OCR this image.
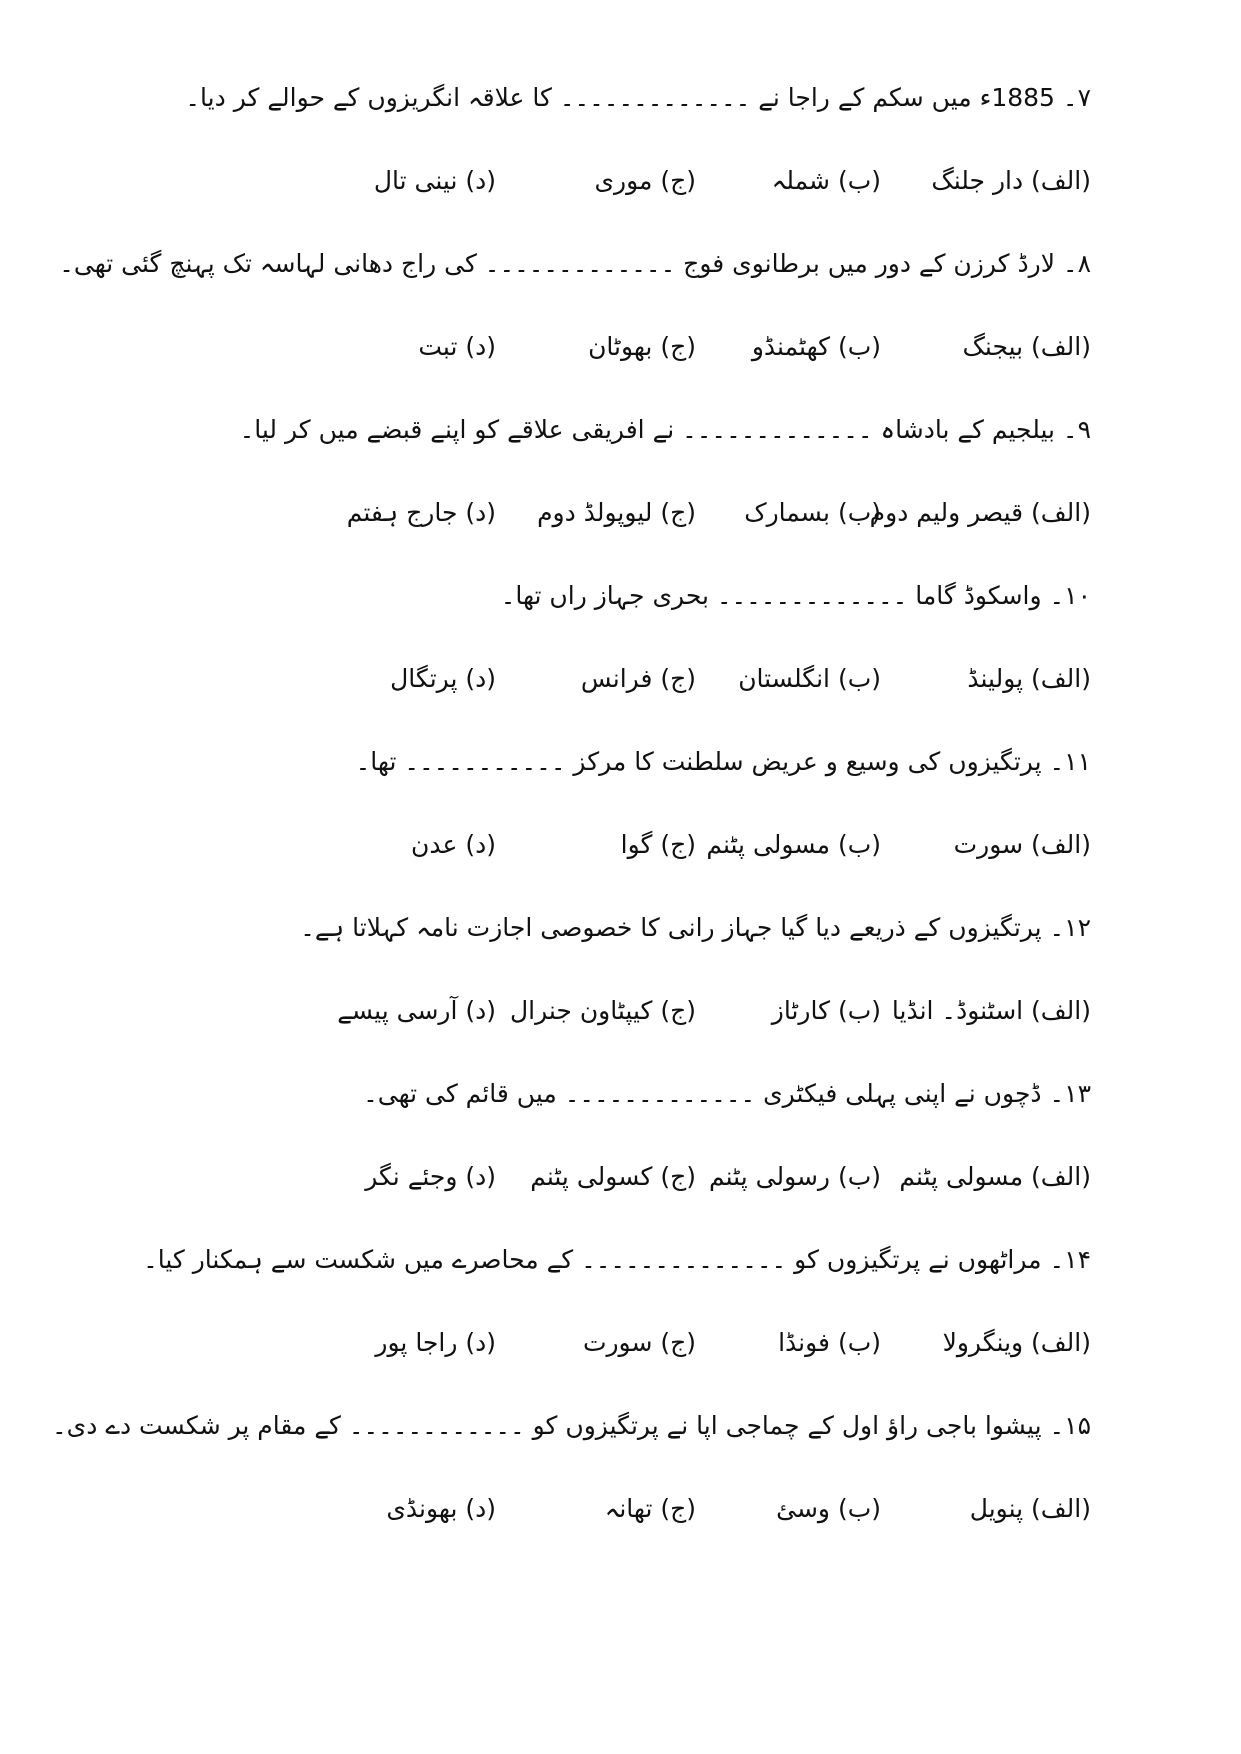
۷۔ 1885ء میں سکم کے راجا نے ۔۔۔۔۔۔۔۔۔۔۔۔۔ کا علاقہ انگریزوں کے حوالے کر دیا۔
(الف) دار جلنگ
(ب) شملہ
(ج) موری
(د) نینی تال
۸۔ لارڈ کرزن کے دور میں برطانوی فوج ۔۔۔۔۔۔۔۔۔۔۔۔۔ کی راج دھانی لہاسہ تک پہنچ گئی تھی۔
(الف) بیجنگ
(ب) کھٹمنڈو
(ج) بھوٹان
(د) تبت
۹۔ بیلجیم کے بادشاہ ۔۔۔۔۔۔۔۔۔۔۔۔۔ نے افریقی علاقے کو اپنے قبضے میں کر لیا۔
(الف) قیصر ولیم دوم
(ب) بسمارک
(ج) لیوپولڈ دوم
(د) جارج ہفتم
۱۰۔ واسکوڈ گاما ۔۔۔۔۔۔۔۔۔۔۔۔۔ بحری جہاز راں تھا۔
(الف) پولینڈ
(ب) انگلستان
(ج) فرانس
(د) پرتگال
۱۱۔ پرتگیزوں کی وسیع و عریض سلطنت کا مرکز ۔۔۔۔۔۔۔۔۔۔۔ تھا۔
(الف) سورت
(ب) مسولی پٹنم
(ج) گوا
(د) عدن
۱۲۔ پرتگیزوں کے ذریعے دیا گیا جہاز رانی کا خصوصی اجازت نامہ کہلاتا ہے۔
(الف) اسٹنوڈ۔ انڈیا
(ب) کارٹاز
(ج) کیپٹاون جنرال
(د) آرسی پیسے
۱۳۔ ڈچوں نے اپنی پہلی فیکٹری ۔۔۔۔۔۔۔۔۔۔۔۔۔ میں قائم کی تھی۔
(الف) مسولی پٹنم
(ب) رسولی پٹنم
(ج) کسولی پٹنم
(د) وجئے نگر
۱۴۔ مراٹھوں نے پرتگیزوں کو ۔۔۔۔۔۔۔۔۔۔۔۔۔۔ کے محاصرے میں شکست سے ہمکنار کیا۔
(الف) وینگرولا
(ب) فونڈا
(ج) سورت
(د) راجا پور
۱۵۔ پیشوا باجی راؤ اول کے چماجی اپا نے پرتگیزوں کو ۔۔۔۔۔۔۔۔۔۔۔۔ کے مقام پر شکست دے دی۔
(الف) پنویل
(ب) وسئ
(ج) تھانہ
(د) بھونڈی
